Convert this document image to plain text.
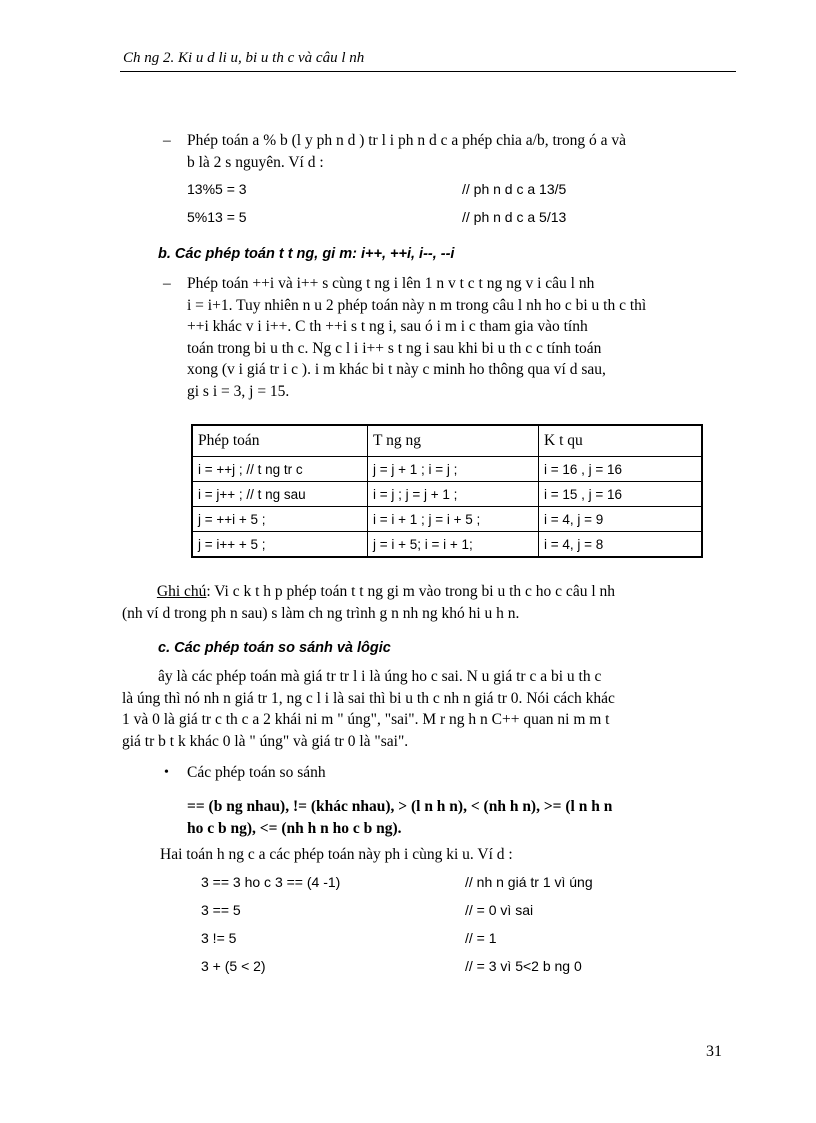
Ch ng 2. Ki u d li u, bi u th c và câu l nh
– Phép toán a % b (l y ph n d ) tr l i ph n d c a phép chia a/b, trong ó a và
b là 2 s nguyên. Ví d :
13%5 = 3	// ph n d c a 13/5
5%13 = 5	// ph n d c a 5/13
b. Các phép toán t t ng, gi m: i++, ++i, i--, --i
– Phép toán ++i và i++ s cùng t ng i lên 1 n v t c t ng ng v i câu l nh
i = i+1. Tuy nhiên n u 2 phép toán này n m trong câu l nh ho c bi u th c thì
++i khác v i i++. C th ++i s t ng i, sau ó i m i c tham gia vào tính
toán trong bi u th c. Ng c l i i++ s t ng i sau khi bi u th c c tính toán
xong (v i giá tr i c ). i m khác bi t này c minh ho thông qua ví d sau,
gi s i = 3, j = 15.
Phép toán	T ng ng	K t qu
i = ++j ; // t ng tr c	j = j + 1 ; i = j ;	i = 16 , j = 16
i = j++ ; // t ng sau	i = j ; j = j + 1 ;	i = 15 , j = 16
j = ++i + 5 ;	i = i + 1 ; j = i + 5 ;	i = 4, j = 9
j = i++ + 5 ;	j = i + 5; i = i + 1;	i = 4, j = 8
Ghi chú: Vi c k t h p phép toán t t ng gi m vào trong bi u th c ho c câu l nh
(nh ví d trong ph n sau) s làm ch ng trình g n nh ng khó hi u h n.
c. Các phép toán so sánh và lôgic
ây là các phép toán mà giá tr tr l i là úng ho c sai. N u giá tr c a bi u th c
là úng thì nó nh n giá tr 1, ng c l i là sai thì bi u th c nh n giá tr 0. Nói cách khác
1 và 0 là giá tr c th c a 2 khái ni m " úng", "sai". M r ng h n C++ quan ni m m t
giá tr b t k khác 0 là " úng" và giá tr 0 là "sai".
• Các phép toán so sánh
== (b ng nhau), != (khác nhau), > (l n h n), < (nh h n), >= (l n h n
ho c b ng), <= (nh h n ho c b ng).
Hai toán h ng c a các phép toán này ph i cùng ki u. Ví d :
3 == 3 ho c 3 == (4 -1)	// nh n giá tr 1 vì úng
3 == 5	// = 0 vì sai
3 != 5	// = 1
3 + (5 < 2)	// = 3 vì 5<2 b ng 0
31
